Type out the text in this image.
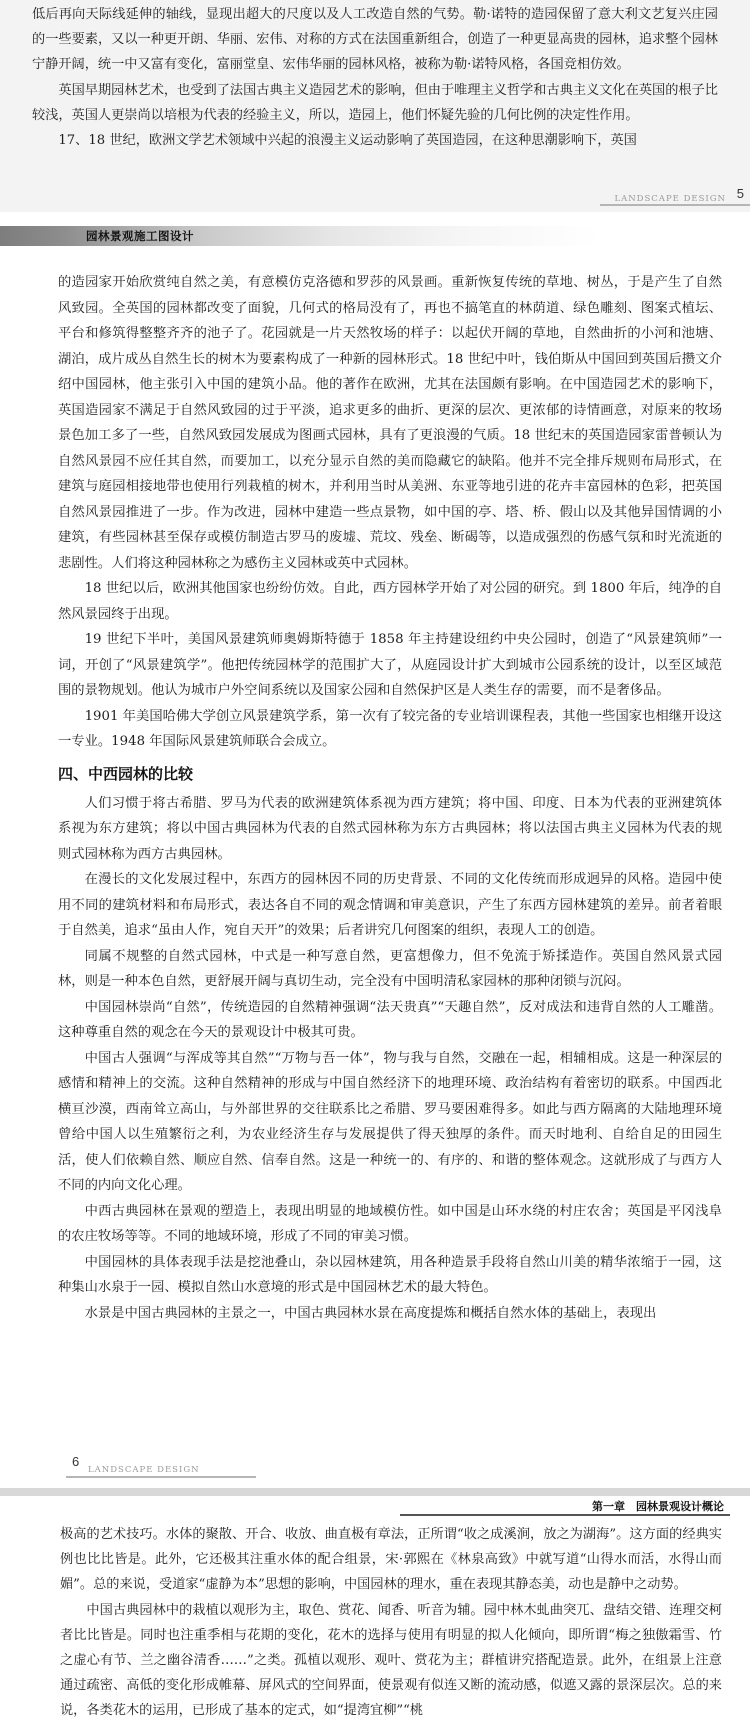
低后再向天际线延伸的轴线，显现出超大的尺度以及人工改造自然的气势。勒·诺特的造园保留了意大利文艺复兴庄园的一些要素，又以一种更开朗、华丽、宏伟、对称的方式在法国重新组合，创造了一种更显高贵的园林，追求整个园林宁静开阔，统一中又富有变化，富丽堂皇、宏伟华丽的园林风格，被称为勒·诺特风格，各国竞相仿效。

英国早期园林艺术，也受到了法国古典主义造园艺术的影响，但由于唯理主义哲学和古典主义文化在英国的根子比较浅，英国人更崇尚以培根为代表的经验主义，所以，造园上，他们怀疑先验的几何比例的决定性作用。

17、18 世纪，欧洲文学艺术领域中兴起的浪漫主义运动影响了英国造园，在这种思潮影响下，英国

LANDSCAPE DESIGN 5
园林景观施工图设计

的造园家开始欣赏纯自然之美，有意模仿克洛德和罗莎的风景画。重新恢复传统的草地、树丛，于是产生了自然风致园。全英国的园林都改变了面貌，几何式的格局没有了，再也不搞笔直的林荫道、绿色雕刻、图案式植坛、平台和修筑得整整齐齐的池子了。花园就是一片天然牧场的样子：以起伏开阔的草地，自然曲折的小河和池塘、湖泊，成片成丛自然生长的树木为要素构成了一种新的园林形式。18 世纪中叶，钱伯斯从中国回到英国后攒文介绍中国园林，他主张引入中国的建筑小品。他的著作在欧洲，尤其在法国颇有影响。在中国造园艺术的影响下，英国造园家不满足于自然风致园的过于平淡，追求更多的曲折、更深的层次、更浓郁的诗情画意，对原来的牧场景色加工多了一些，自然风致园发展成为图画式园林，具有了更浪漫的气质。18 世纪末的英国造园家雷普顿认为自然风景园不应任其自然，而要加工，以充分显示自然的美而隐藏它的缺陷。他并不完全排斥规则布局形式，在建筑与庭园相接地带也使用行列栽植的树木，并利用当时从美洲、东亚等地引进的花卉丰富园林的色彩，把英国自然风景园推进了一步。作为改进，园林中建造一些点景物，如中国的亭、塔、桥、假山以及其他异国情调的小建筑，有些园林甚至保存或模仿制造古罗马的废墟、荒坟、残垒、断碣等，以造成强烈的伤感气氛和时光流逝的悲剧性。人们将这种园林称之为感伤主义园林或英中式园林。

18 世纪以后，欧洲其他国家也纷纷仿效。自此，西方园林学开始了对公园的研究。到 1800 年后，纯净的自然风景园终于出现。

19 世纪下半叶，美国风景建筑师奥姆斯特德于 1858 年主持建设纽约中央公园时，创造了“风景建筑师”一词，开创了“风景建筑学”。他把传统园林学的范围扩大了，从庭园设计扩大到城市公园系统的设计，以至区域范围的景物规划。他认为城市户外空间系统以及国家公园和自然保护区是人类生存的需要，而不是奢侈品。

1901 年美国哈佛大学创立风景建筑学系，第一次有了较完备的专业培训课程表，其他一些国家也相继开设这一专业。1948 年国际风景建筑师联合会成立。

四、中西园林的比较

人们习惯于将古希腊、罗马为代表的欧洲建筑体系视为西方建筑；将中国、印度、日本为代表的亚洲建筑体系视为东方建筑；将以中国古典园林为代表的自然式园林称为东方古典园林；将以法国古典主义园林为代表的规则式园林称为西方古典园林。

在漫长的文化发展过程中，东西方的园林因不同的历史背景、不同的文化传统而形成迥异的风格。造园中使用不同的建筑材料和布局形式，表达各自不同的观念情调和审美意识，产生了东西方园林建筑的差异。前者着眼于自然美，追求“虽由人作，宛自天开”的效果；后者讲究几何图案的组织，表现人工的创造。

同属不规整的自然式园林，中式是一种写意自然，更富想像力，但不免流于矫揉造作。英国自然风景式园林，则是一种本色自然，更舒展开阔与真切生动，完全没有中国明清私家园林的那种闭锁与沉闷。

中国园林崇尚“自然”，传统造园的自然精神强调“法天贵真”“天趣自然”，反对成法和违背自然的人工雕凿。这种尊重自然的观念在今天的景观设计中极其可贵。

中国古人强调“与浑成等其自然”“万物与吾一体”，物与我与自然，交融在一起，相辅相成。这是一种深层的感情和精神上的交流。这种自然精神的形成与中国自然经济下的地理环境、政治结构有着密切的联系。中国西北横亘沙漠，西南耸立高山，与外部世界的交往联系比之希腊、罗马要困难得多。如此与西方隔离的大陆地理环境曾给中国人以生殖繁衍之利，为农业经济生存与发展提供了得天独厚的条件。而天时地利、自给自足的田园生活，使人们依赖自然、顺应自然、信奉自然。这是一种统一的、有序的、和谐的整体观念。这就形成了与西方人不同的内向文化心理。

中西古典园林在景观的塑造上，表现出明显的地域模仿性。如中国是山环水绕的村庄农舍；英国是平冈浅阜的农庄牧场等等。不同的地域环境，形成了不同的审美习惯。

中国园林的具体表现手法是挖池叠山，杂以园林建筑，用各种造景手段将自然山川美的精华浓缩于一园，这种集山水泉于一园、模拟自然山水意境的形式是中国园林艺术的最大特色。

水景是中国古典园林的主景之一，中国古典园林水景在高度提炼和概括自然水体的基础上，表现出

6
LANDSCAPE DESIGN
第一章　园林景观设计概论

极高的艺术技巧。水体的聚散、开合、收放、曲直极有章法，正所谓“收之成溪涧，放之为湖海”。这方面的经典实例也比比皆是。此外，它还极其注重水体的配合组景，宋·郭熙在《林泉高致》中就写道“山得水而活，水得山而媚”。总的来说，受道家“虚静为本”思想的影响，中国园林的理水，重在表现其静态美，动也是静中之动势。

中国古典园林中的栽植以观形为主，取色、赏花、闻香、听音为辅。园中林木虬曲突兀、盘结交错、连理交柯者比比皆是。同时也注重季相与花期的变化，花木的选择与使用有明显的拟人化倾向，即所谓“梅之独傲霜雪、竹之虚心有节、兰之幽谷清香……”之类。孤植以观形、观叶、赏花为主；群植讲究搭配造景。此外，在组景上注意通过疏密、高低的变化形成帷幕、屏风式的空间界面，使景观有似连又断的流动感，似遮又露的景深层次。总的来说，各类花木的运用，已形成了基本的定式，如“提湾宜柳”“桃
